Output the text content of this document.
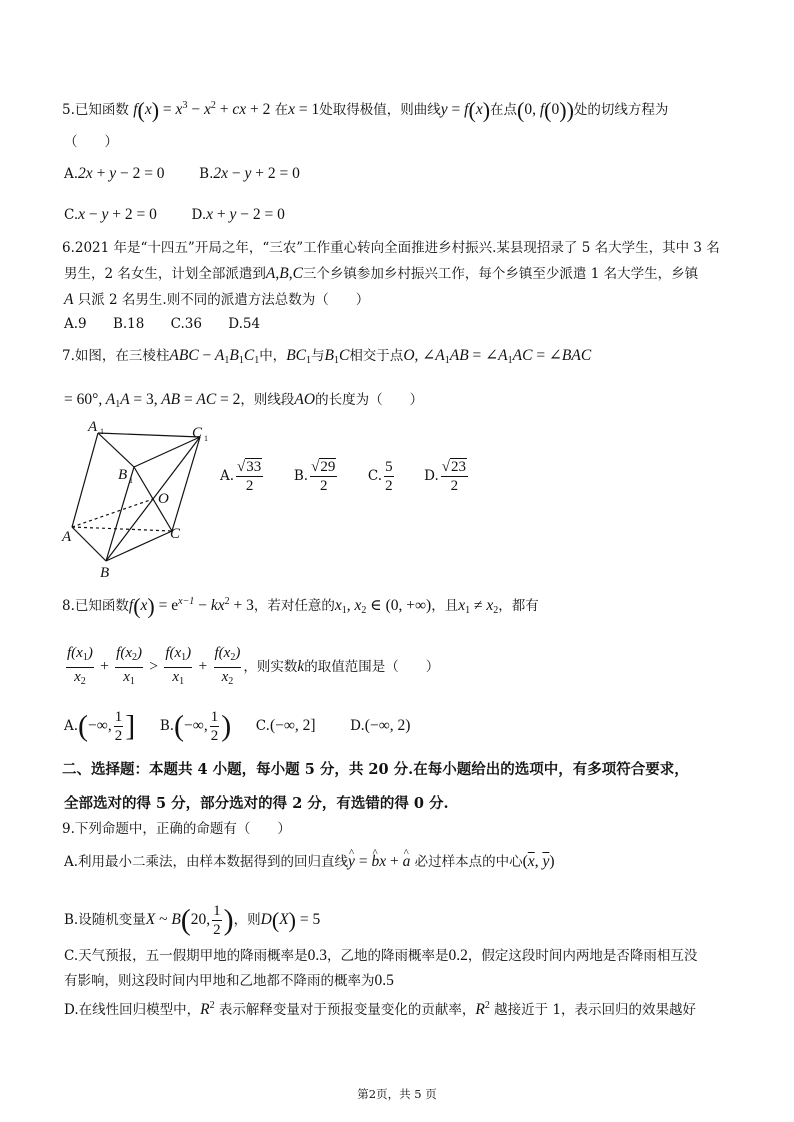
5.已知函数 $f(x) = x^3 - x^2$ + cx + 2 在x = 1处取得极值，则曲线y = f(x)在点(0, f(0))处的切线方程为
（　　）
A.2x + y − 2 = 0	B.2x − y + 2 = 0
C.x − y + 2 = 0	D.x + y − 2 = 0
6.2021 年是“十四五”开局之年，“三农”工作重心转向全面推进乡村振兴.某县现招录了 5 名大学生，其中 3 名
男生，2 名女生，计划全部派遣到A,B,C三个乡镇参加乡村振兴工作，每个乡镇至少派遣 1 名大学生，乡镇
A 只派 2 名男生.则不同的派遣方法总数为（　　）
A.9 B.18 C.36 D.54
7.如图，在三棱柱ABC − $A_1B_1C_1$中，$BC_1$与$B_1C$相交于点O, $\angle A_1AB$ = $\angle A_1AC$ = ∠BAC
= 60°, $A_1A = 3$, AB = AC = 2，则线段AO的长度为（　　）
A 1	C 1
B 1
O
A	C
B
A. $\frac{√33}{2} B$. $\frac{√29}{2} C$. $\frac{5}{2} D$. $\frac{√23}{2}$
8.已知函数$f(x) = e^{x-1} - kx^2 + 3$，若对任意的$x_1$, $x_2$ ∈ (0, +∞)，且$x_1 \ne x_2$，都有
$\frac{f(x_1)}{x_2} + \frac{f(x_2)}{x_1} > \frac{f(x_1)}{x_1} + \frac{f(x_2)}{x_2}$ ，则实数k的取值范围是（　　）
A.(−∞, $\frac{1}{2}$ ] B.(−∞, $\frac{1}{2}$ ) C.(−∞, 2]	D.(−∞, 2)
二、选择题：本题共 4 小题，每小题 5 分，共 20 分.在每小题给出的选项中，有多项符合要求，
全部选对的得 5 分，部分选对的得 2 分，有选错的得 0 分.
9.下列命题中，正确的命题有（　　）
A.利用最小二乘法，由样本数据得到的回归直线^ y = ^ bx + ^ a 必过样本点的中心($\overline{x}$, $\overline{y}$)
B.设随机变量X ~ B(20, $\frac{1}{2}$ )，则D(X) = 5
C.天气预报，五一假期甲地的降雨概率是0.3，乙地的降雨概率是0.2，假定这段时间内两地是否降雨相互没
有影响，则这段时间内甲地和乙地都不降雨的概率为0.5
D.在线性回归模型中，$R^2$ 表示解释变量对于预报变量变化的贡献率，$R^2$ 越接近于 1，表示回归的效果越好
第2页，共 5 页
